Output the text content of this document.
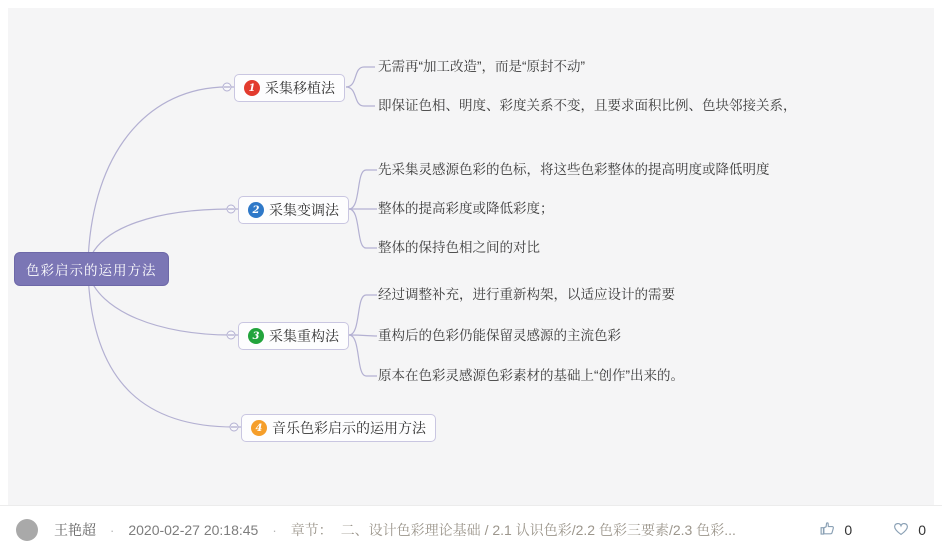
色彩启示的运用方法
1 采集移植法
无需再“加工改造”，而是“原封不动”
即保证色相、明度、彩度关系不变，且要求面积比例、色块邻接关系，
2 采集变调法
先采集灵感源色彩的色标，将这些色彩整体的提高明度或降低明度
整体的提高彩度或降低彩度；
整体的保持色相之间的对比
3 采集重构法
经过调整补充，进行重新构架，以适应设计的需要
重构后的色彩仍能保留灵感源的主流色彩
原本在色彩灵感源色彩素材的基础上“创作”出来的。
4 音乐色彩启示的运用方法
王艳超 · 2020-02-27 20:18:45 · 章节： 二、设计色彩理论基础 / 2.1 认识色彩/2.2 色彩三要素/2.3 色彩...	0	0
